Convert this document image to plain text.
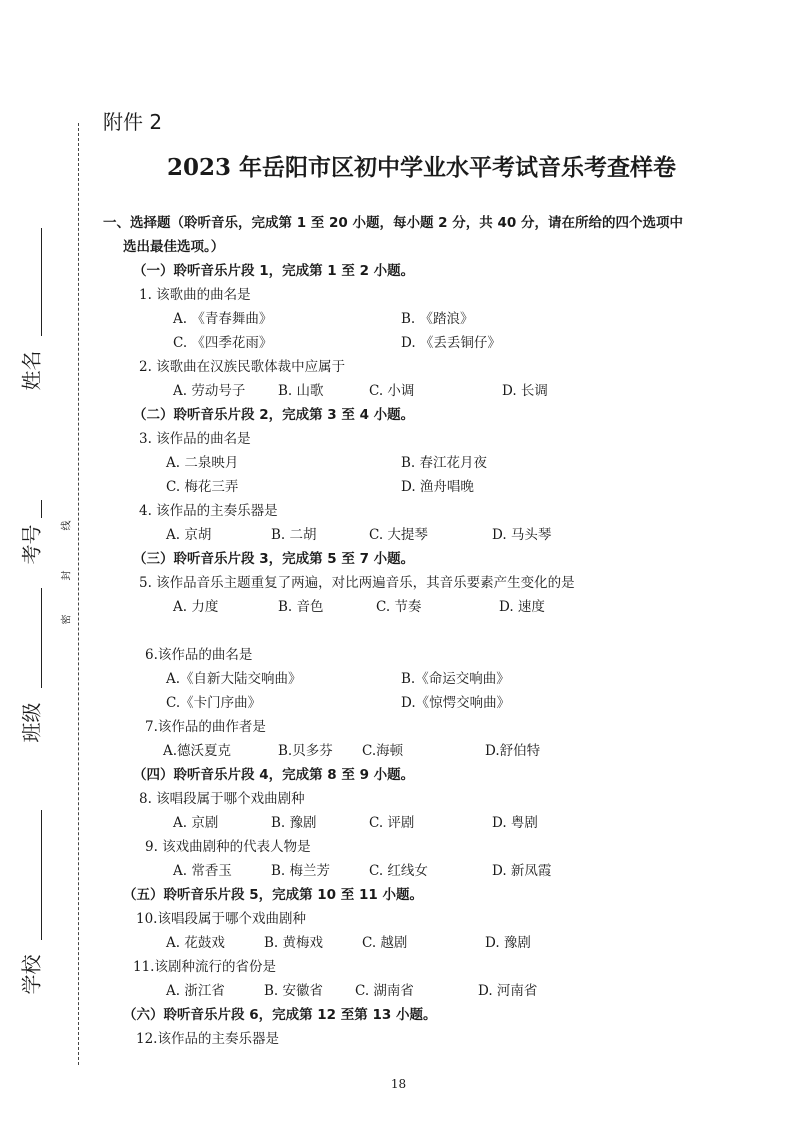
姓名
考号	线
封
密
班级
学校
附件 2
2023 年岳阳市区初中学业水平考试音乐考查样卷
一、选择题（聆听音乐，完成第 1 至 20 小题，每小题 2 分，共 40 分，请在所给的四个选项中
选出最佳选项。）
（一）聆听音乐片段 1，完成第 1 至 2 小题。
1. 该歌曲的曲名是
A. 《青春舞曲》	B. 《踏浪》
C. 《四季花雨》	D. 《丢丢铜仔》
2. 该歌曲在汉族民歌体裁中应属于
A. 劳动号子 B. 山歌	C. 小调	D. 长调
（二）聆听音乐片段 2，完成第 3 至 4 小题。
3. 该作品的曲名是
A. 二泉映月	B. 春江花月夜
C. 梅花三弄	D. 渔舟唱晚
4. 该作品的主奏乐器是
A. 京胡	B. 二胡	C. 大提琴	D. 马头琴
（三）聆听音乐片段 3，完成第 5 至 7 小题。
5. 该作品音乐主题重复了两遍，对比两遍音乐，其音乐要素产生变化的是
A. 力度	B. 音色	C. 节奏	D. 速度
6.该作品的曲名是
A.《自新大陆交响曲》	B.《命运交响曲》
C.《卡门序曲》	D.《惊愕交响曲》
7.该作品的曲作者是
A.德沃夏克	B.贝多芬 C.海顿	D.舒伯特
（四）聆听音乐片段 4，完成第 8 至 9 小题。
8. 该唱段属于哪个戏曲剧种
A. 京剧	B. 豫剧	C. 评剧	D. 粤剧
9. 该戏曲剧种的代表人物是
A. 常香玉	B. 梅兰芳	C. 红线女	D. 新凤霞
（五）聆听音乐片段 5，完成第 10 至 11 小题。
10.该唱段属于哪个戏曲剧种
A. 花鼓戏	B. 黄梅戏	C. 越剧	D. 豫剧
11.该剧种流行的省份是
A. 浙江省	B. 安徽省 C. 湖南省	D. 河南省
（六）聆听音乐片段 6，完成第 12 至第 13 小题。
12.该作品的主奏乐器是
18
